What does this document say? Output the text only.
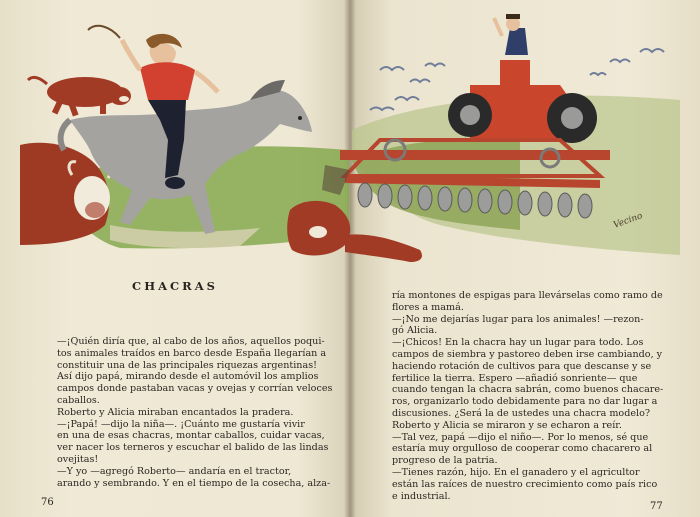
CHACRAS

—¡Quién diría que, al cabo de los años, aquellos poqui-

tos animales traídos en barco desde España llegarían a

constituir una de las principales riquezas argentinas!

Así dijo papá, mirando desde el automóvil los amplios

campos donde pastaban vacas y ovejas y corrían veloces

caballos.

Roberto y Alicia miraban encantados la pradera.

—¡Papá! —dijo la niña—. ¡Cuánto me gustaría vivir

en una de esas chacras, montar caballos, cuidar vacas,

ver nacer los terneros y escuchar el balido de las lindas

ovejitas!

—Y yo —agregó Roberto— andaría en el tractor,

arando y sembrando. Y en el tiempo de la cosecha, alza-

ría montones de espigas para llevárselas como ramo de

flores a mamá.

—¡No me dejarías lugar para los animales! —rezon-

gó Alicia.

—¡Chicos! En la chacra hay un lugar para todo. Los

campos de siembra y pastoreo deben irse cambiando, y

haciendo rotación de cultivos para que descanse y se

fertilice la tierra. Espero —añadió sonriente— que

cuando tengan la chacra sabrán, como buenos chacare-

ros, organizarlo todo debidamente para no dar lugar a

discusiones. ¿Será la de ustedes una chacra modelo?

Roberto y Alicia se miraron y se echaron a reír.

—Tal vez, papá —dijo el niño—. Por lo menos, sé que

estaría muy orgulloso de cooperar como chacarero al

progreso de la patria.

—Tienes razón, hijo. En el ganadero y el agricultor

están las raíces de nuestro crecimiento como país rico

e industrial.

Vecino
76	77
